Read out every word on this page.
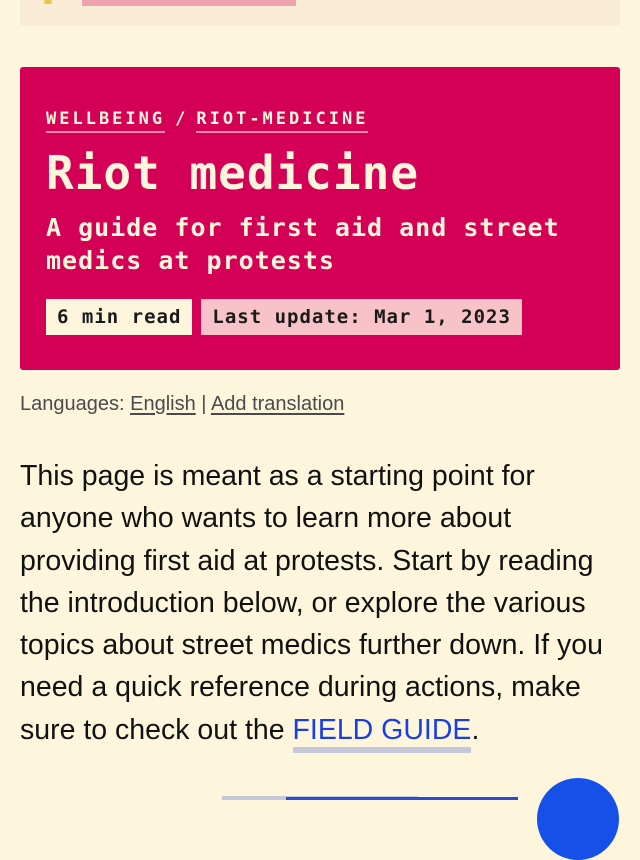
WELLBEING / RIOT-MEDICINE
Riot medicine
A guide for first aid and street medics at protests
6 min read	Last update: Mar 1, 2023
Languages: English | Add translation

This page is meant as a starting point for anyone who wants to learn more about providing first aid at protests. Start by reading the introduction below, or explore the various topics about street medics further down. If you need a quick reference during actions, make sure to check out the FIELD GUIDE.
